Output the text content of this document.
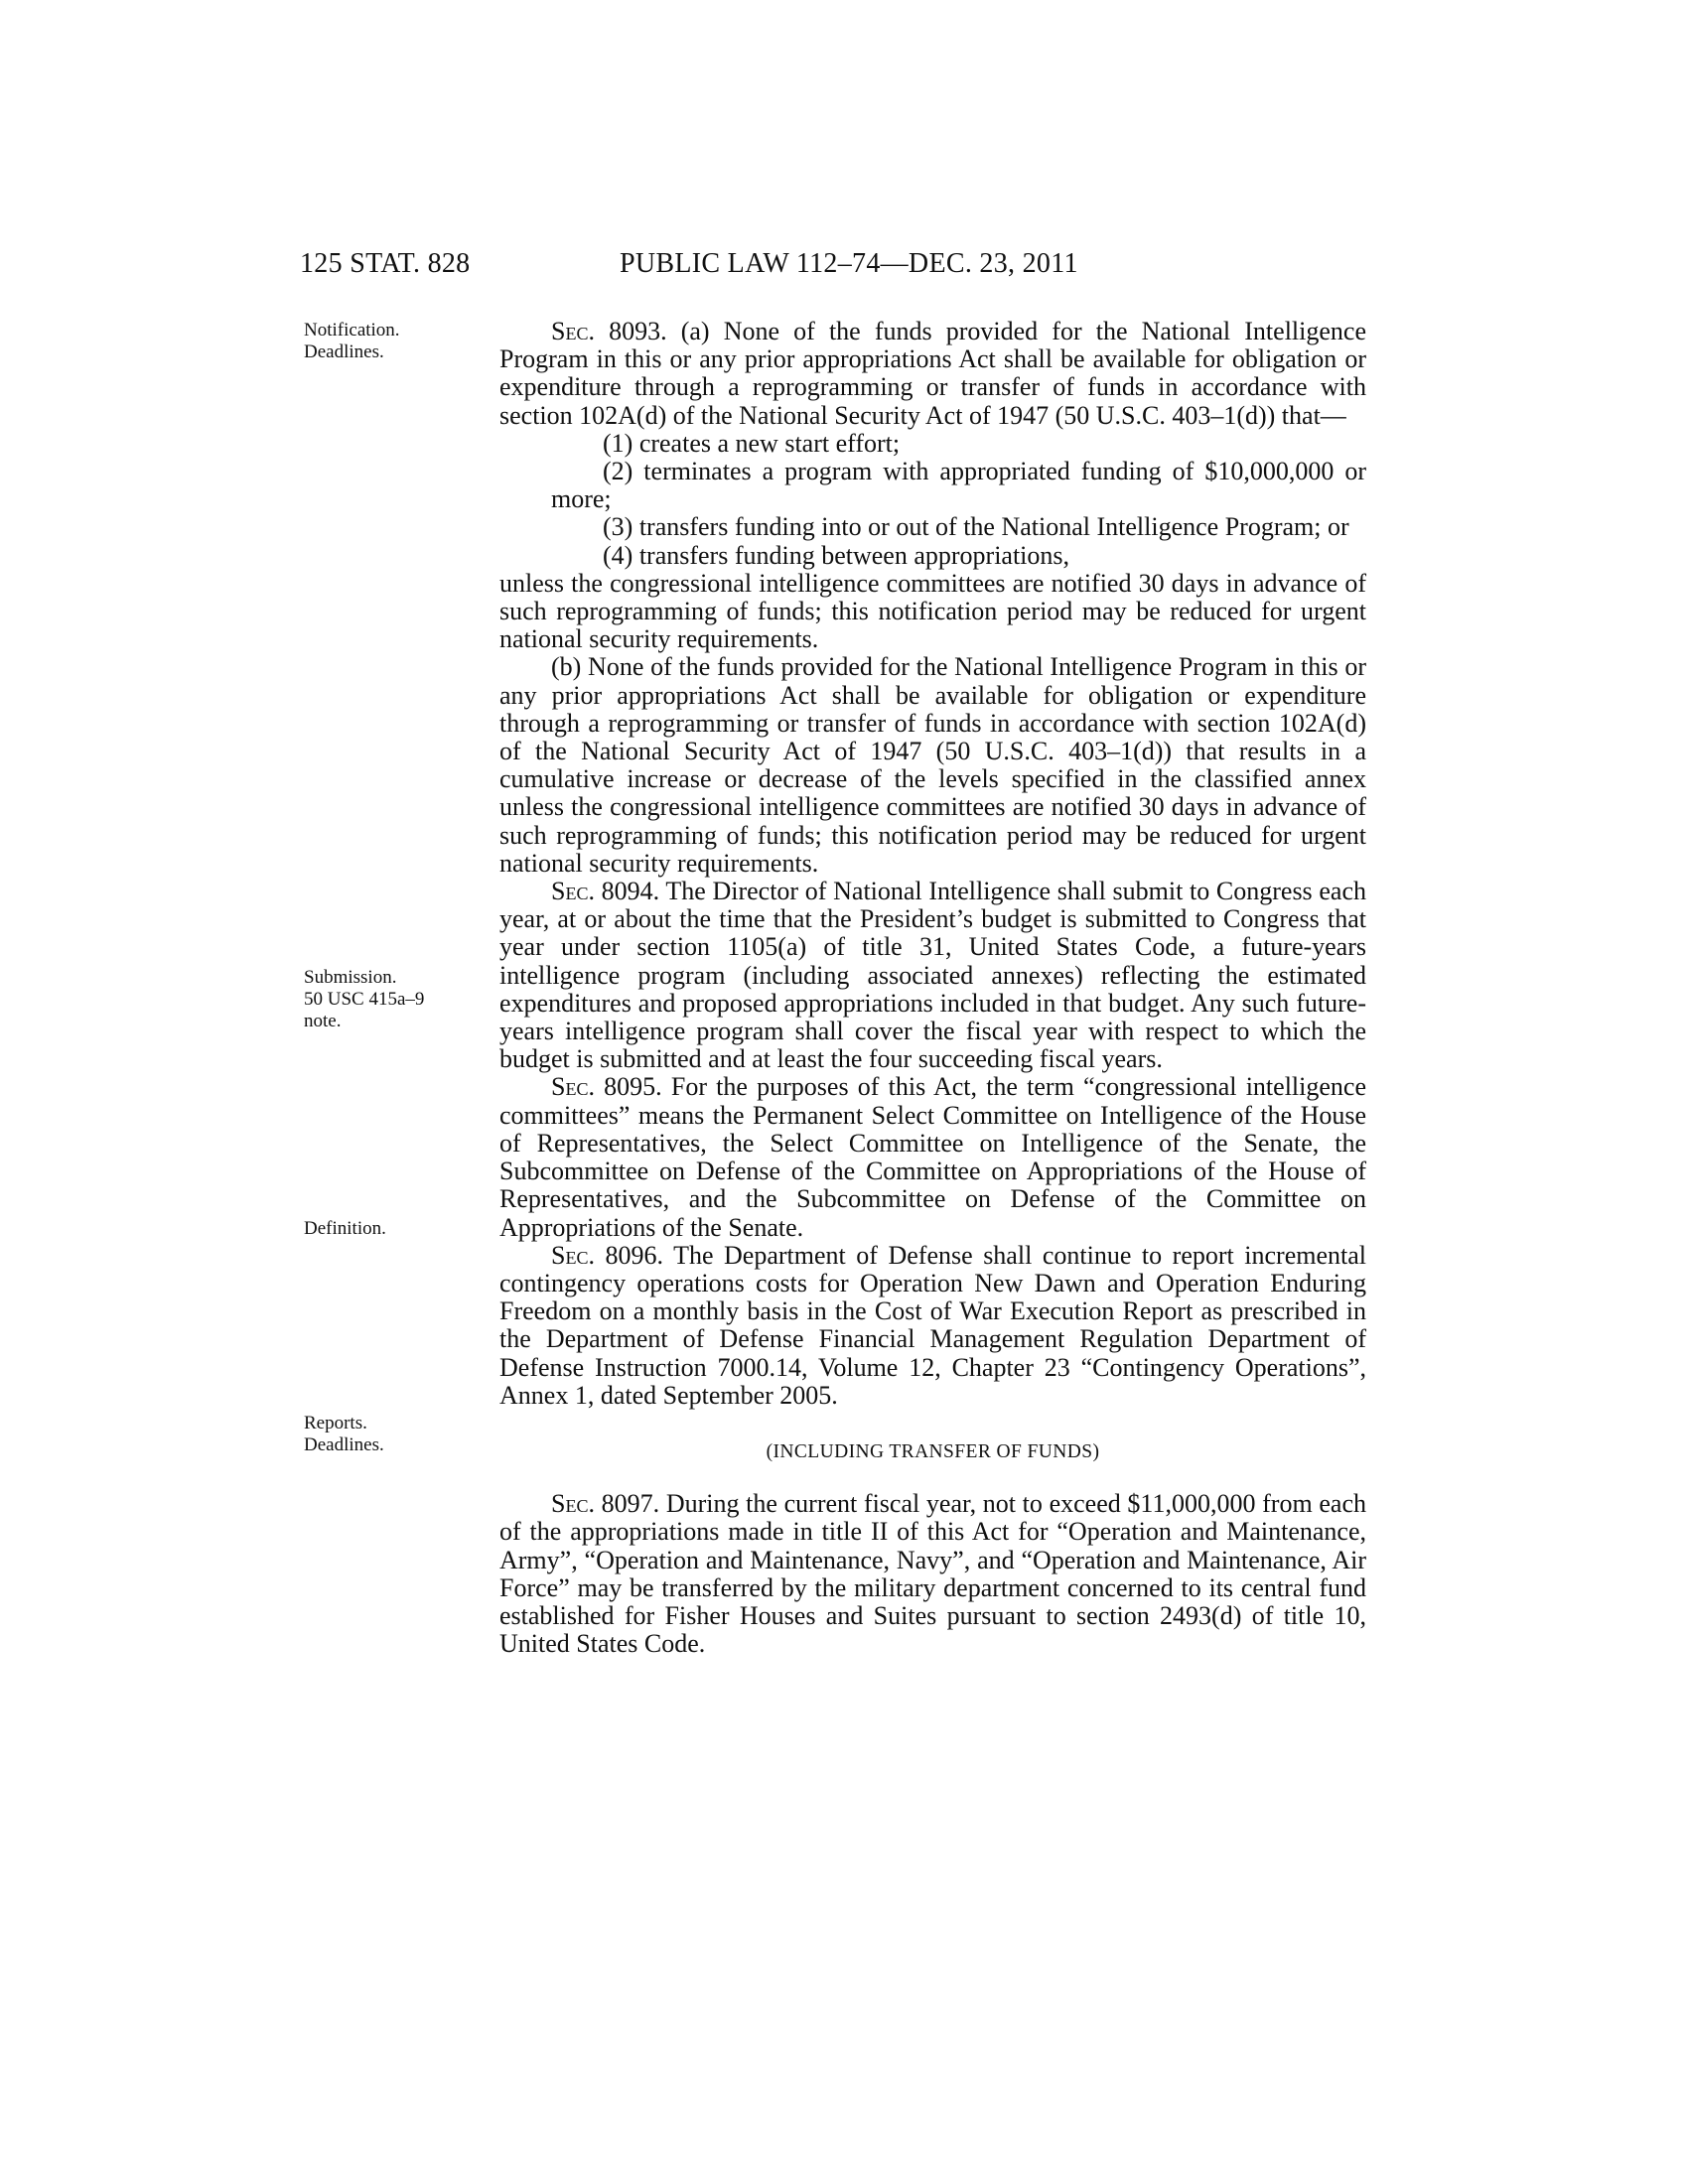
125 STAT. 828	PUBLIC LAW 112–74—DEC. 23, 2011
Notification.
Deadlines.
Submission.
50 USC 415a–9
note.
Definition.
Reports.
Deadlines.

Sec. 8093. (a) None of the funds provided for the National Intelligence Program in this or any prior appropriations Act shall be available for obligation or expenditure through a reprogramming or transfer of funds in accordance with section 102A(d) of the National Security Act of 1947 (50 U.S.C. 403–1(d)) that—

(1) creates a new start effort;

(2) terminates a program with appropriated funding of $10,000,000 or more;

(3) transfers funding into or out of the National Intelligence Program; or

(4) transfers funding between appropriations,

unless the congressional intelligence committees are notified 30 days in advance of such reprogramming of funds; this notification period may be reduced for urgent national security requirements.

(b) None of the funds provided for the National Intelligence Program in this or any prior appropriations Act shall be available for obligation or expenditure through a reprogramming or transfer of funds in accordance with section 102A(d) of the National Security Act of 1947 (50 U.S.C. 403–1(d)) that results in a cumulative increase or decrease of the levels specified in the classified annex unless the congressional intelligence committees are notified 30 days in advance of such reprogramming of funds; this notification period may be reduced for urgent national security requirements.

Sec. 8094. The Director of National Intelligence shall submit to Congress each year, at or about the time that the President’s budget is submitted to Congress that year under section 1105(a) of title 31, United States Code, a future-years intelligence program (including associated annexes) reflecting the estimated expenditures and proposed appropriations included in that budget. Any such future-years intelligence program shall cover the fiscal year with respect to which the budget is submitted and at least the four succeeding fiscal years.

Sec. 8095. For the purposes of this Act, the term “congressional intelligence committees” means the Permanent Select Committee on Intelligence of the House of Representatives, the Select Committee on Intelligence of the Senate, the Subcommittee on Defense of the Committee on Appropriations of the House of Representatives, and the Subcommittee on Defense of the Committee on Appropriations of the Senate.

Sec. 8096. The Department of Defense shall continue to report incremental contingency operations costs for Operation New Dawn and Operation Enduring Freedom on a monthly basis in the Cost of War Execution Report as prescribed in the Department of Defense Financial Management Regulation Department of Defense Instruction 7000.14, Volume 12, Chapter 23 “Contingency Operations”, Annex 1, dated September 2005.

(INCLUDING TRANSFER OF FUNDS)

Sec. 8097. During the current fiscal year, not to exceed $11,000,000 from each of the appropriations made in title II of this Act for “Operation and Maintenance, Army”, “Operation and Maintenance, Navy”, and “Operation and Maintenance, Air Force” may be transferred by the military department concerned to its central fund established for Fisher Houses and Suites pursuant to section 2493(d) of title 10, United States Code.
